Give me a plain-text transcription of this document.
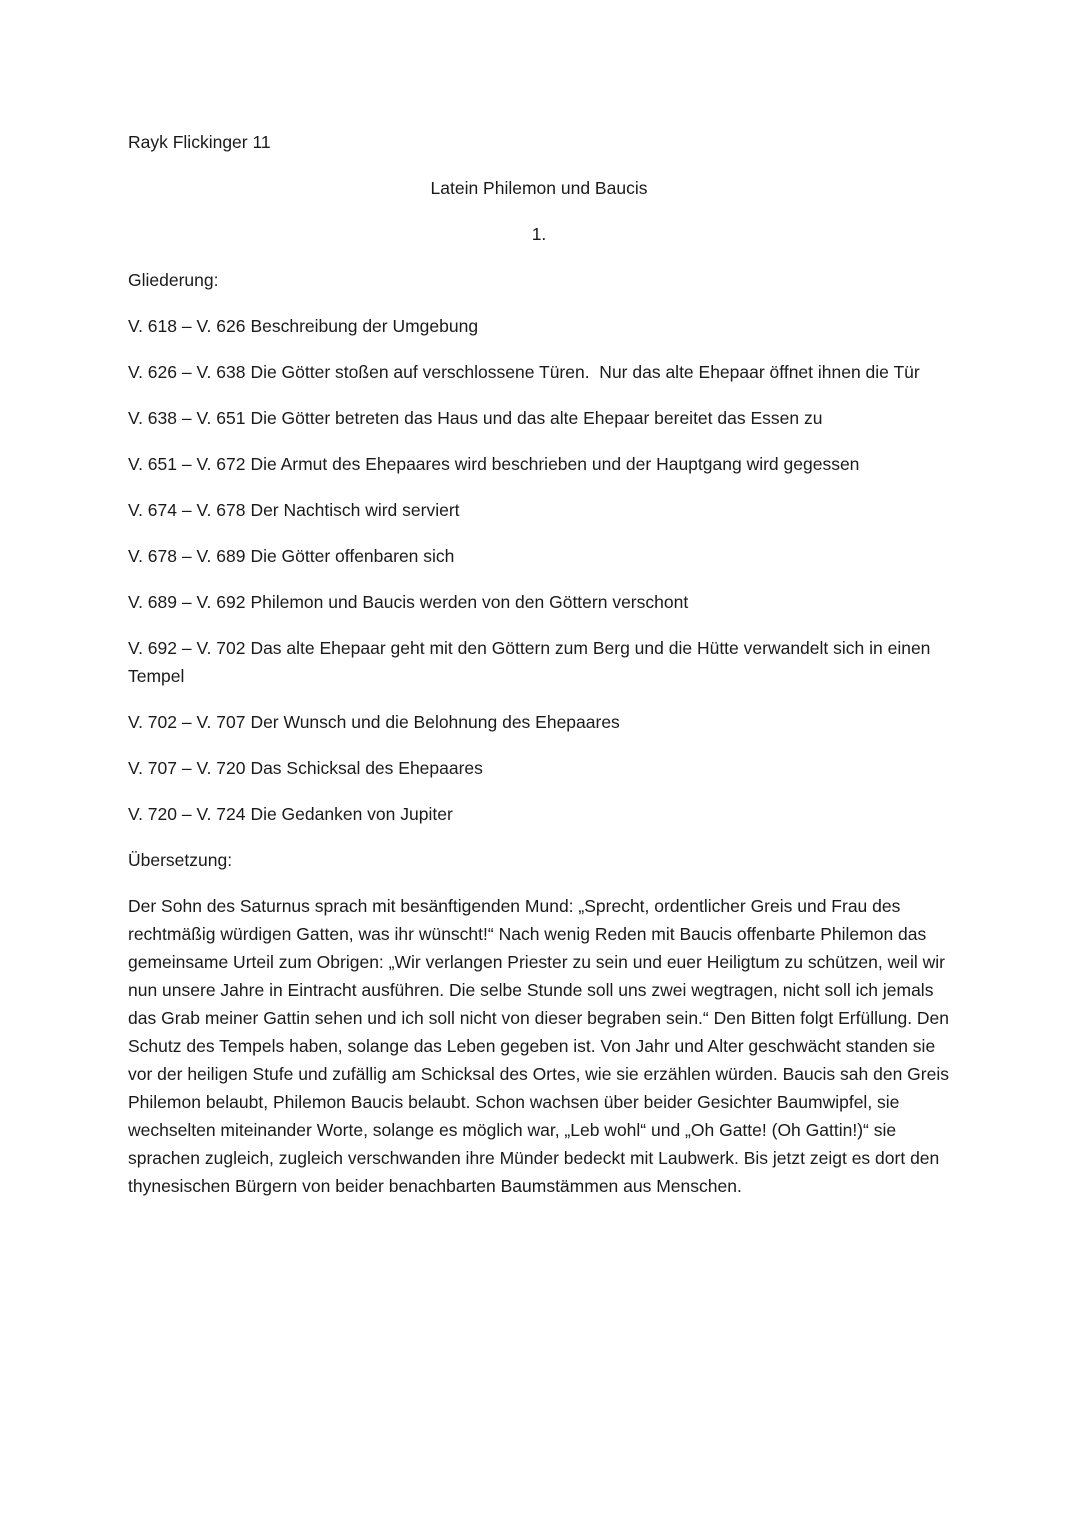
Rayk Flickinger 11

Latein Philemon und Baucis

1.

Gliederung:

V. 618 – V. 626 Beschreibung der Umgebung
V. 626 – V. 638 Die Götter stoßen auf verschlossene Türen.  Nur das alte Ehepaar öffnet ihnen die Tür
V. 638 – V. 651 Die Götter betreten das Haus und das alte Ehepaar bereitet das Essen zu
V. 651 – V. 672 Die Armut des Ehepaares wird beschrieben und der Hauptgang wird gegessen
V. 674 – V. 678 Der Nachtisch wird serviert
V. 678 – V. 689 Die Götter offenbaren sich
V. 689 – V. 692 Philemon und Baucis werden von den Göttern verschont
V. 692 – V. 702 Das alte Ehepaar geht mit den Göttern zum Berg und die Hütte verwandelt sich in einen Tempel
V. 702 – V. 707 Der Wunsch und die Belohnung des Ehepaares
V. 707 – V. 720 Das Schicksal des Ehepaares
V. 720 – V. 724 Die Gedanken von Jupiter

Übersetzung:

Der Sohn des Saturnus sprach mit besänftigenden Mund: „Sprecht, ordentlicher Greis und Frau des rechtmäßig würdigen Gatten, was ihr wünscht!“ Nach wenig Reden mit Baucis offenbarte Philemon das gemeinsame Urteil zum Obrigen: „Wir verlangen Priester zu sein und euer Heiligtum zu schützen, weil wir nun unsere Jahre in Eintracht ausführen. Die selbe Stunde soll uns zwei wegtragen, nicht soll ich jemals das Grab meiner Gattin sehen und ich soll nicht von dieser begraben sein.“ Den Bitten folgt Erfüllung. Den Schutz des Tempels haben, solange das Leben gegeben ist. Von Jahr und Alter geschwächt standen sie vor der heiligen Stufe und zufällig am Schicksal des Ortes, wie sie erzählen würden. Baucis sah den Greis Philemon belaubt, Philemon Baucis belaubt. Schon wachsen über beider Gesichter Baumwipfel, sie wechselten miteinander Worte, solange es möglich war, „Leb wohl“ und „Oh Gatte! (Oh Gattin!)“ sie sprachen zugleich, zugleich verschwanden ihre Münder bedeckt mit Laubwerk. Bis jetzt zeigt es dort den thynesischen Bürgern von beider benachbarten Baumstämmen aus Menschen.
